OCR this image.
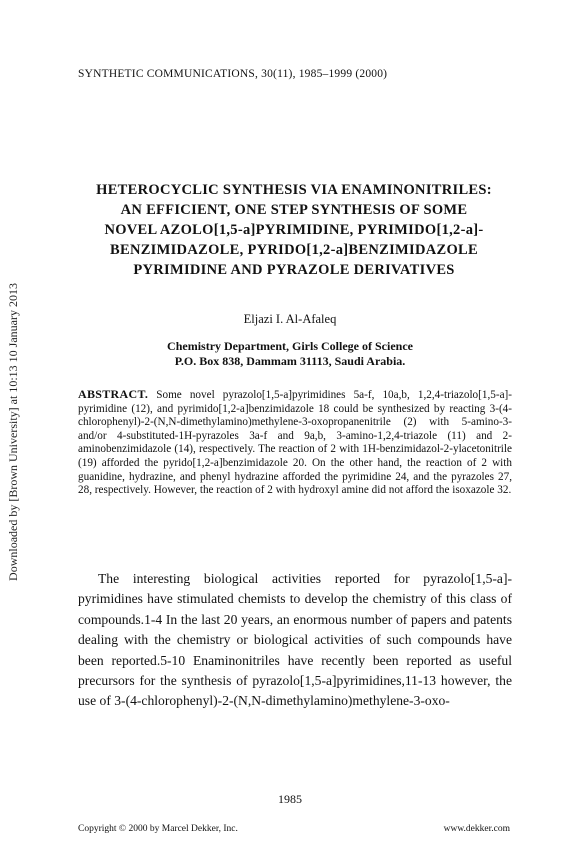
Downloaded by [Brown University] at 10:13 10 January 2013
SYNTHETIC COMMUNICATIONS, 30(11), 1985–1999 (2000)
HETEROCYCLIC SYNTHESIS VIA ENAMINONITRILES:
AN EFFICIENT, ONE STEP SYNTHESIS OF SOME
NOVEL AZOLO[1,5-a]PYRIMIDINE, PYRIMIDO[1,2-a]-
BENZIMIDAZOLE, PYRIDO[1,2-a]BENZIMIDAZOLE
PYRIMIDINE AND PYRAZOLE DERIVATIVES
Eljazi I. Al-Afaleq
Chemistry Department, Girls College of Science
P.O. Box 838, Dammam 31113, Saudi Arabia.
ABSTRACT. Some novel pyrazolo[1,5-a]pyrimidines 5a-f, 10a,b, 1,2,4-triazolo[1,5-a]-pyrimidine (12), and pyrimido[1,2-a]benzimidazole 18 could be synthesized by reacting 3-(4-chlorophenyl)-2-(N,N-dimethylamino)methylene-3-oxopropanenitrile (2) with 5-amino-3- and/or 4-substituted-1H-pyrazoles 3a-f and 9a,b, 3-amino-1,2,4-triazole (11) and 2-aminobenzimidazole (14), respectively. The reaction of 2 with 1H-benzimidazol-2-ylacetonitrile (19) afforded the pyrido[1,2-a]benzimidazole 20. On the other hand, the reaction of 2 with guanidine, hydrazine, and phenyl hydrazine afforded the pyrimidine 24, and the pyrazoles 27, 28, respectively. However, the reaction of 2 with hydroxyl amine did not afford the isoxazole 32.

The interesting biological activities reported for pyrazolo[1,5-a]-pyrimidines have stimulated chemists to develop the chemistry of this class of compounds.1-4 In the last 20 years, an enormous number of papers and patents dealing with the chemistry or biological activities of such compounds have been reported.5-10 Enaminonitriles have recently been reported as useful precursors for the synthesis of pyrazolo[1,5-a]pyrimidines,11-13 however, the use of 3-(4-chlorophenyl)-2-(N,N-dimethylamino)methylene-3-oxo-

1985
Copyright © 2000 by Marcel Dekker, Inc.	www.dekker.com
